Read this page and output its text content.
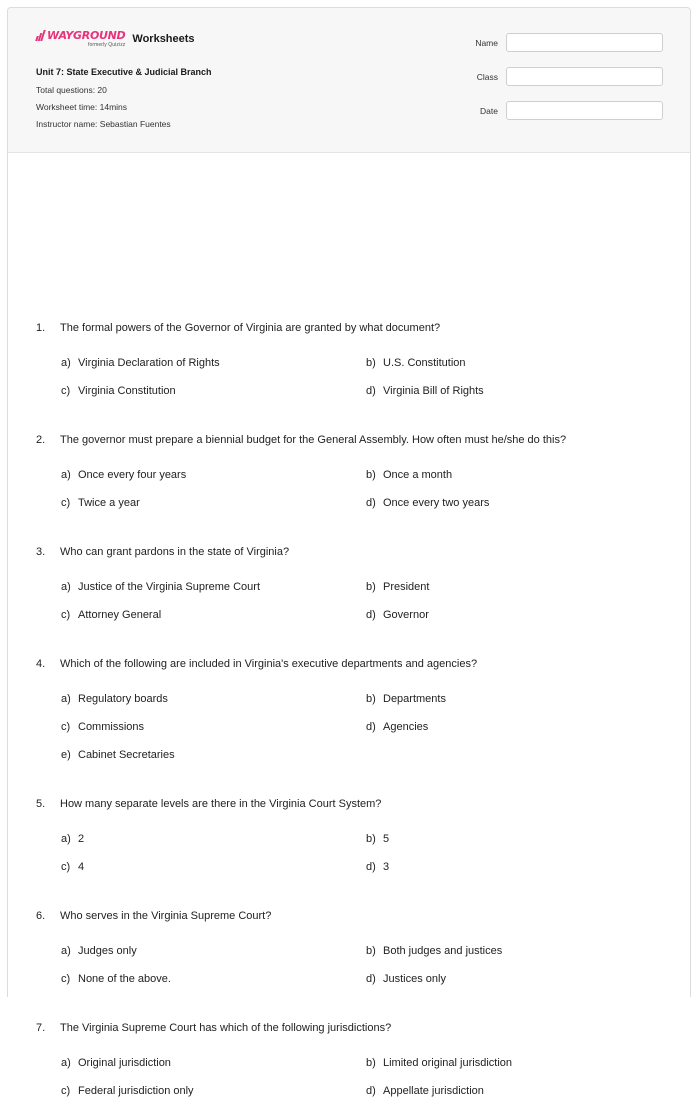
WAYGROUND
formerly Quizizz Worksheets
Unit 7: State Executive & Judicial Branch
Total questions: 20
Worksheet time: 14mins
Instructor name: Sebastian Fuentes
Name
Class
Date
1. The formal powers of the Governor of Virginia are granted by what document?
a) Virginia Declaration of Rights	b) U.S. Constitution
c) Virginia Constitution	d) Virginia Bill of Rights
2. The governor must prepare a biennial budget for the General Assembly. How often must he/she do this?
a) Once every four years	b) Once a month
c) Twice a year	d) Once every two years
3. Who can grant pardons in the state of Virginia?
a) Justice of the Virginia Supreme Court	b) President
c) Attorney General	d) Governor
4. Which of the following are included in Virginia's executive departments and agencies?
a) Regulatory boards	b) Departments
c) Commissions	d) Agencies
e) Cabinet Secretaries
5. How many separate levels are there in the Virginia Court System?
a) 2	b) 5
c) 4	d) 3
6. Who serves in the Virginia Supreme Court?
a) Judges only	b) Both judges and justices
c) None of the above.	d) Justices only
7. The Virginia Supreme Court has which of the following jurisdictions?
a) Original jurisdiction	b) Limited original jurisdiction
c) Federal jurisdiction only	d) Appellate jurisdiction
